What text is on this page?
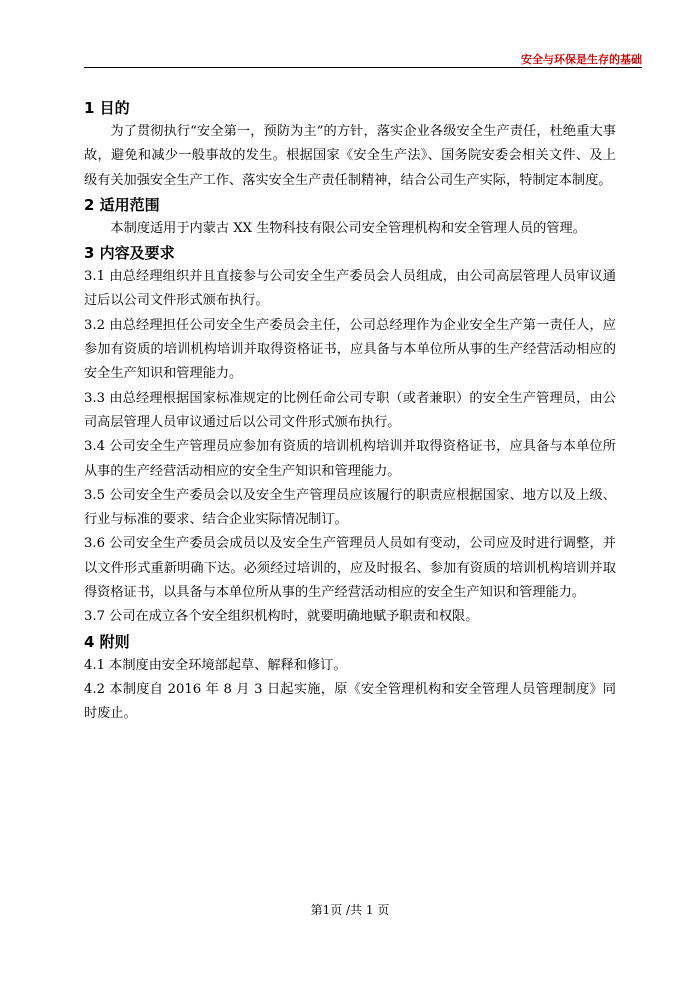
安全与环保是生存的基础
1 目的

为了贯彻执行“安全第一，预防为主”的方针，落实企业各级安全生产责任，杜绝重大事故，避免和减少一般事故的发生。根据国家《安全生产法》、国务院安委会相关文件、及上级有关加强安全生产工作、落实安全生产责任制精神，结合公司生产实际，特制定本制度。

2 适用范围

本制度适用于内蒙古 XX 生物科技有限公司安全管理机构和安全管理人员的管理。

3 内容及要求

3.1 由总经理组织并且直接参与公司安全生产委员会人员组成，由公司高层管理人员审议通过后以公司文件形式颁布执行。

3.2 由总经理担任公司安全生产委员会主任，公司总经理作为企业安全生产第一责任人，应参加有资质的培训机构培训并取得资格证书，应具备与本单位所从事的生产经营活动相应的安全生产知识和管理能力。

3.3 由总经理根据国家标准规定的比例任命公司专职（或者兼职）的安全生产管理员，由公司高层管理人员审议通过后以公司文件形式颁布执行。

3.4 公司安全生产管理员应参加有资质的培训机构培训并取得资格证书，应具备与本单位所从事的生产经营活动相应的安全生产知识和管理能力。

3.5 公司安全生产委员会以及安全生产管理员应该履行的职责应根据国家、地方以及上级、行业与标准的要求、结合企业实际情况制订。

3.6 公司安全生产委员会成员以及安全生产管理员人员如有变动，公司应及时进行调整，并以文件形式重新明确下达。必须经过培训的，应及时报名、参加有资质的培训机构培训并取得资格证书，以具备与本单位所从事的生产经营活动相应的安全生产知识和管理能力。

3.7 公司在成立各个安全组织机构时，就要明确地赋予职责和权限。

4 附则

4.1 本制度由安全环境部起草、解释和修订。

4.2 本制度自 2016 年 8 月 3 日起实施，原《安全管理机构和安全管理人员管理制度》同时废止。

第1页 /共 1 页
